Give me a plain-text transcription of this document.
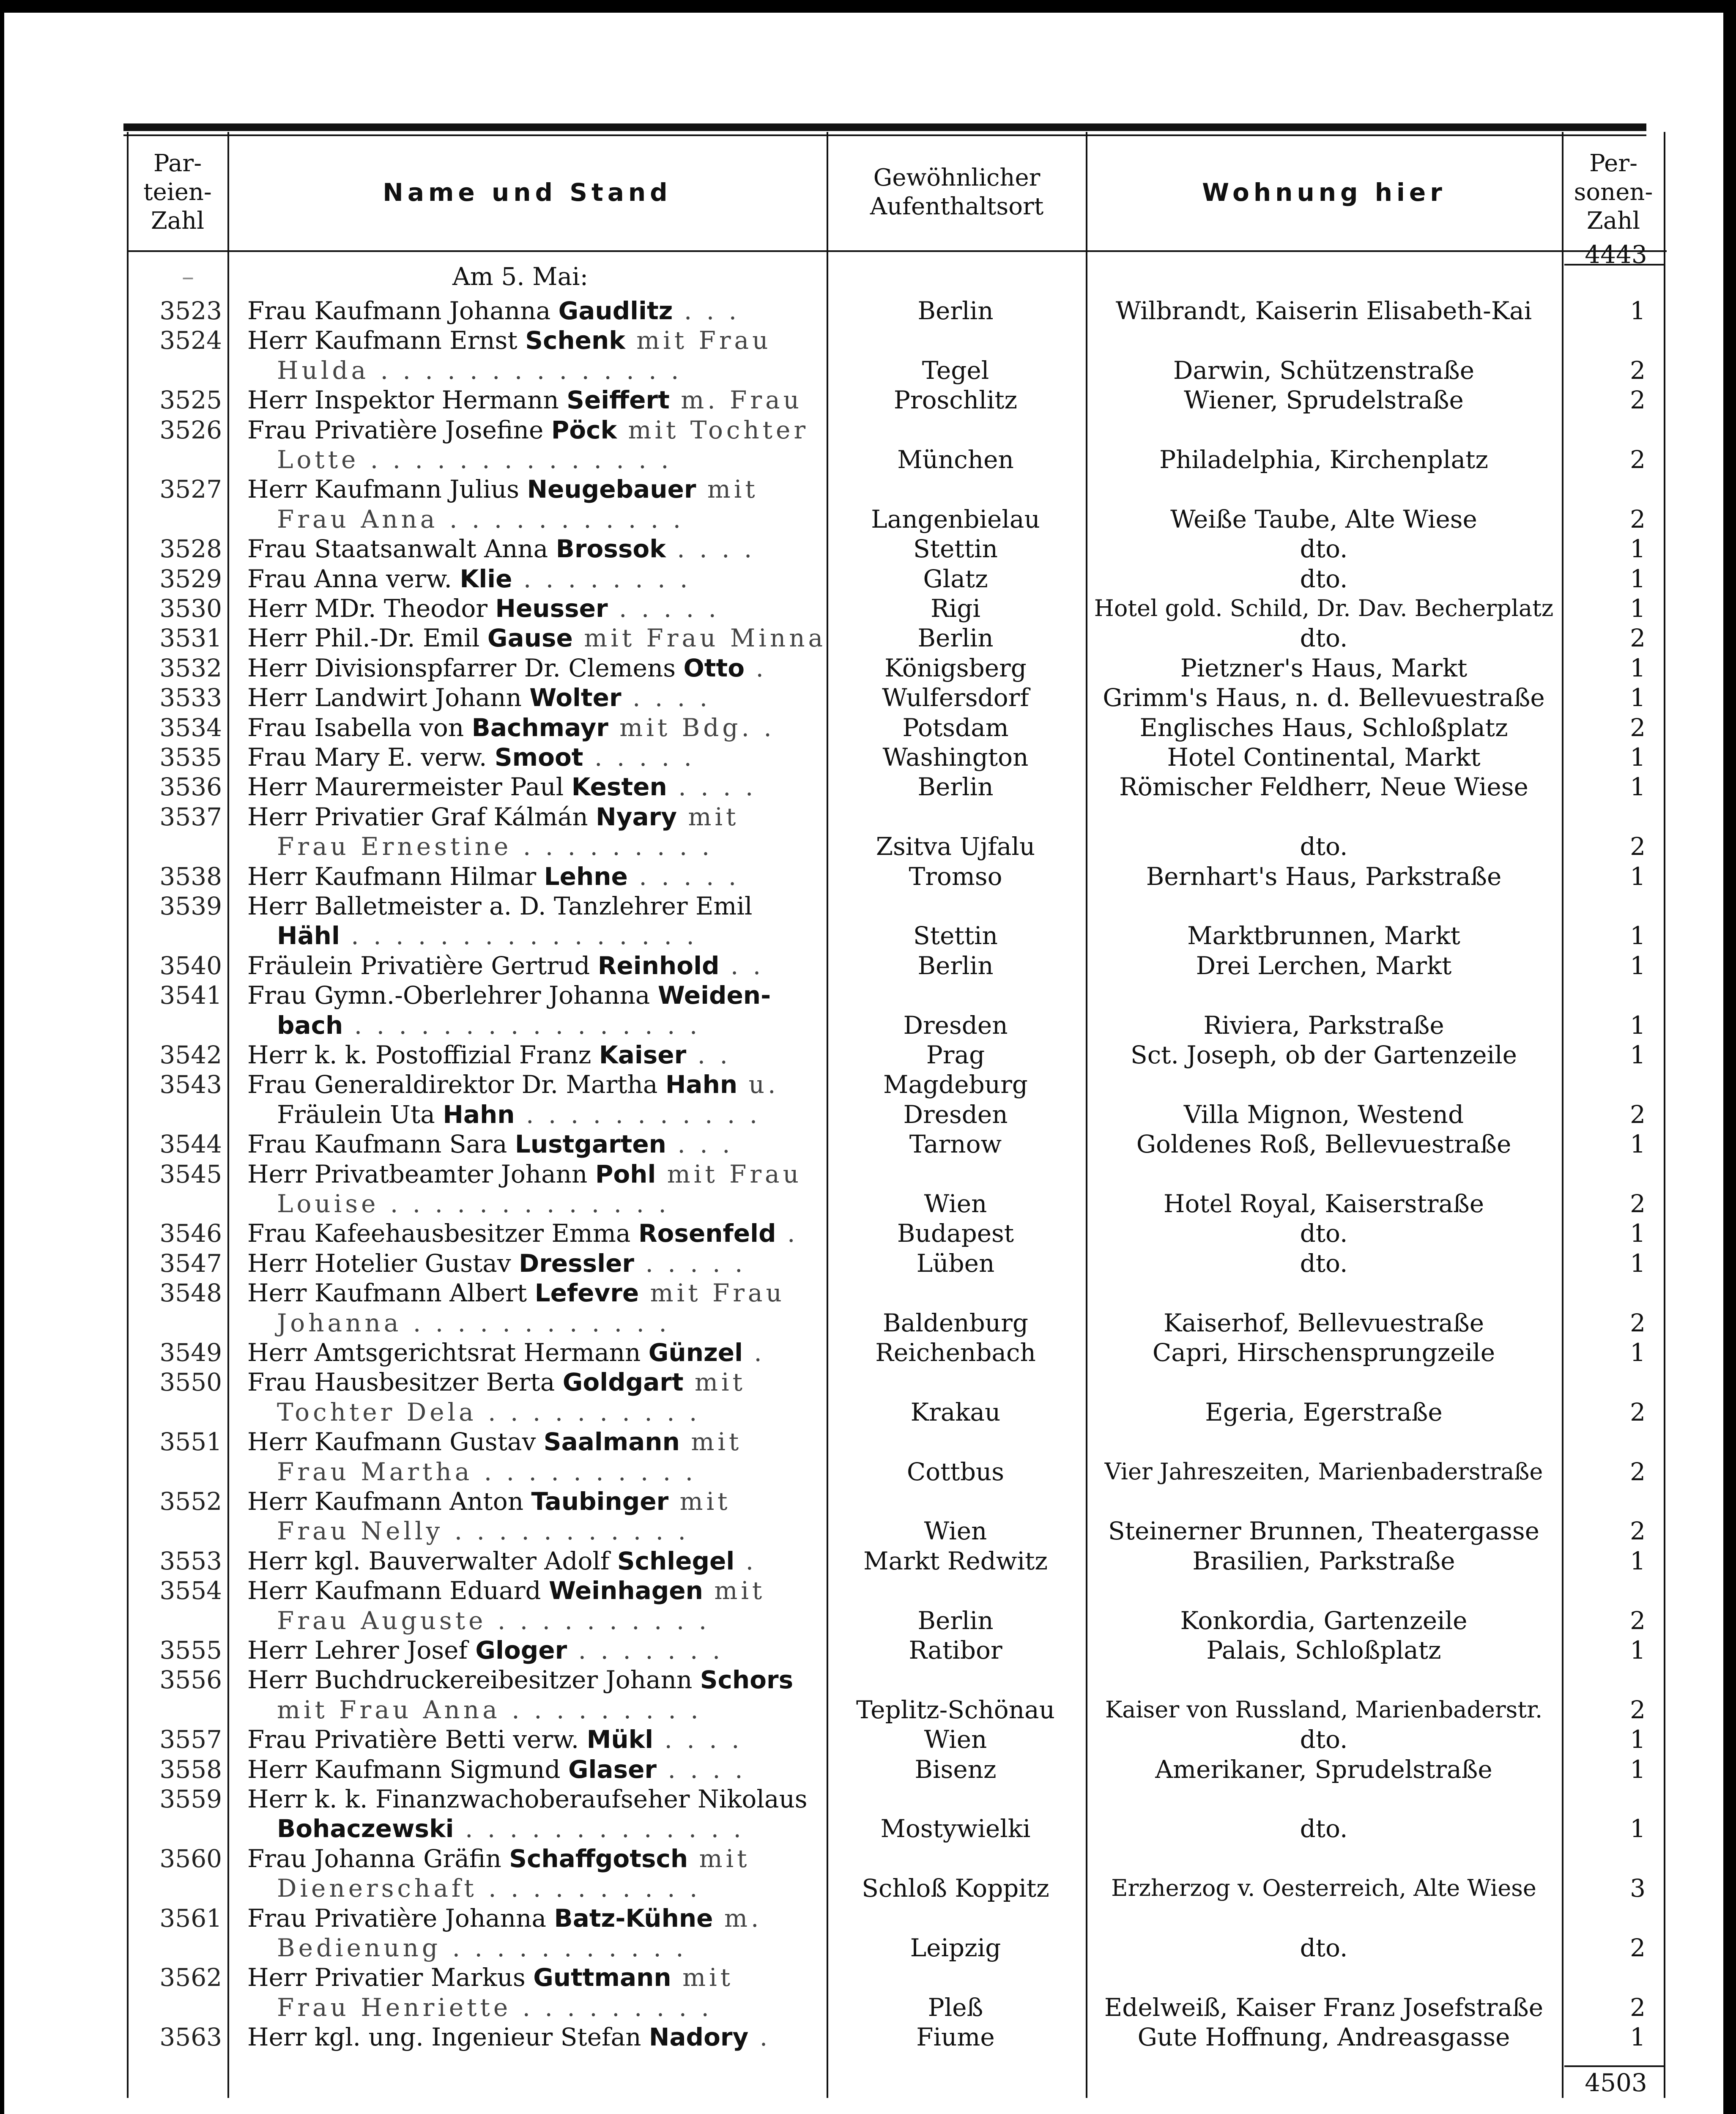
Par- teien- Zahl
Name und Stand
Gewöhnlicher Aufenthaltsort	Wohnung hier
Per- sonen- Zahl
–	Am 5. Mai:
4443
3523 Frau Kaufmann Johanna Gaudlitz . . .	Berlin	Wilbrandt, Kaiserin Elisabeth-Kai	1
3524 Herr Kaufmann Ernst Schenk mit Frau
Hulda . . . . . . . . . . . . . .	Tegel	Darwin, Schützenstraße	2
3525 Herr Inspektor Hermann Seiffert m. Frau	Proschlitz	Wiener, Sprudelstraße	2
3526 Frau Privatière Josefine Pöck mit Tochter
Lotte . . . . . . . . . . . . . .	München	Philadelphia, Kirchenplatz	2
3527 Herr Kaufmann Julius Neugebauer mit
Frau Anna . . . . . . . . . . .	Langenbielau	Weiße Taube, Alte Wiese	2
3528 Frau Staatsanwalt Anna Brossok . . . .	Stettin	dto.	1
3529 Frau Anna verw. Klie . . . . . . . .	Glatz	dto.	1
3530 Herr MDr. Theodor Heusser . . . . .	Rigi	Hotel gold. Schild, Dr. Dav. Becherplatz	1
3531 Herr Phil.-Dr. Emil Gause mit Frau Minna	Berlin	dto.	2
3532 Herr Divisionspfarrer Dr. Clemens Otto .	Königsberg	Pietzner's Haus, Markt	1
3533 Herr Landwirt Johann Wolter . . . .	Wulfersdorf	Grimm's Haus, n. d. Bellevuestraße	1
3534 Frau Isabella von Bachmayr mit Bdg. .	Potsdam	Englisches Haus, Schloßplatz	2
3535 Frau Mary E. verw. Smoot . . . . .	Washington	Hotel Continental, Markt	1
3536 Herr Maurermeister Paul Kesten . . . .	Berlin	Römischer Feldherr, Neue Wiese	1
3537 Herr Privatier Graf Kálmán Nyary mit
Frau Ernestine . . . . . . . . .	Zsitva Ujfalu	dto.	2
3538 Herr Kaufmann Hilmar Lehne . . . . .	Tromso	Bernhart's Haus, Parkstraße	1
3539 Herr Balletmeister a. D. Tanzlehrer Emil
Hähl . . . . . . . . . . . . . . . .	Stettin	Marktbrunnen, Markt	1
3540 Fräulein Privatière Gertrud Reinhold . .	Berlin	Drei Lerchen, Markt	1
3541 Frau Gymn.-Oberlehrer Johanna Weiden-
bach . . . . . . . . . . . . . . . .	Dresden	Riviera, Parkstraße	1
3542 Herr k. k. Postoffizial Franz Kaiser . .	Prag	Sct. Joseph, ob der Gartenzeile	1
3543 Frau Generaldirektor Dr. Martha Hahn u.	Magdeburg
Fräulein Uta Hahn . . . . . . . . . . .	Dresden	Villa Mignon, Westend	2
3544 Frau Kaufmann Sara Lustgarten . . .	Tarnow	Goldenes Roß, Bellevuestraße	1
3545 Herr Privatbeamter Johann Pohl mit Frau
Louise . . . . . . . . . . . . .	Wien	Hotel Royal, Kaiserstraße	2
3546 Frau Kafeehausbesitzer Emma Rosenfeld .	Budapest	dto.	1
3547 Herr Hotelier Gustav Dressler . . . . .	Lüben	dto.	1
3548 Herr Kaufmann Albert Lefevre mit Frau
Johanna . . . . . . . . . . . .	Baldenburg	Kaiserhof, Bellevuestraße	2
3549 Herr Amtsgerichtsrat Hermann Günzel .	Reichenbach	Capri, Hirschensprungzeile	1
3550 Frau Hausbesitzer Berta Goldgart mit
Tochter Dela . . . . . . . . . .	Krakau	Egeria, Egerstraße	2
3551 Herr Kaufmann Gustav Saalmann mit
Frau Martha . . . . . . . . . .	Cottbus	Vier Jahreszeiten, Marienbaderstraße	2
3552 Herr Kaufmann Anton Taubinger mit
Frau Nelly . . . . . . . . . . .	Wien	Steinerner Brunnen, Theatergasse	2
3553 Herr kgl. Bauverwalter Adolf Schlegel .	Markt Redwitz	Brasilien, Parkstraße	1
3554 Herr Kaufmann Eduard Weinhagen mit
Frau Auguste . . . . . . . . . .	Berlin	Konkordia, Gartenzeile	2
3555 Herr Lehrer Josef Gloger . . . . . . .	Ratibor	Palais, Schloßplatz	1
3556 Herr Buchdruckereibesitzer Johann Schors
mit Frau Anna . . . . . . . . .	Teplitz-Schönau	Kaiser von Russland, Marienbaderstr.	2
3557 Frau Privatière Betti verw. Mükl . . . .	Wien	dto.	1
3558 Herr Kaufmann Sigmund Glaser . . . .	Bisenz	Amerikaner, Sprudelstraße	1
3559 Herr k. k. Finanzwachoberaufseher Nikolaus
Bohaczewski . . . . . . . . . . . . .	Mostywielki	dto.	1
3560 Frau Johanna Gräfin Schaffgotsch mit
Dienerschaft . . . . . . . . . .	Schloß Koppitz	Erzherzog v. Oesterreich, Alte Wiese	3
3561 Frau Privatière Johanna Batz-Kühne m.
Bedienung . . . . . . . . . . .	Leipzig	dto.	2
3562 Herr Privatier Markus Guttmann mit
Frau Henriette . . . . . . . . .	Pleß	Edelweiß, Kaiser Franz Josefstraße	2
3563 Herr kgl. ung. Ingenieur Stefan Nadory .	Fiume	Gute Hoffnung, Andreasgasse	1
4503
